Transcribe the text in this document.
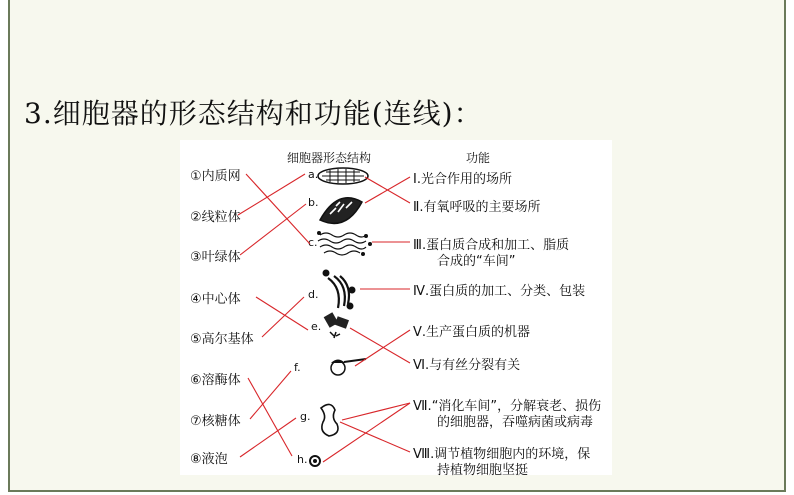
3.细胞器的形态结构和功能(连线)：
细胞器形态结构	功能
①内质网
②线粒体
③叶绿体
④中心体
⑤高尔基体
⑥溶酶体
⑦核糖体
⑧液泡
a.
b.
c.
d.
e.
f.
g.
h.
Ⅰ.光合作用的场所
Ⅱ.有氧呼吸的主要场所
Ⅲ.蛋白质合成和加工、脂质
合成的“车间”
Ⅳ.蛋白质的加工、分类、包装
Ⅴ.生产蛋白质的机器
Ⅵ.与有丝分裂有关
Ⅶ.“消化车间”，分解衰老、损伤
的细胞器，吞噬病菌或病毒
Ⅷ.调节植物细胞内的环境，保
持植物细胞坚挺
